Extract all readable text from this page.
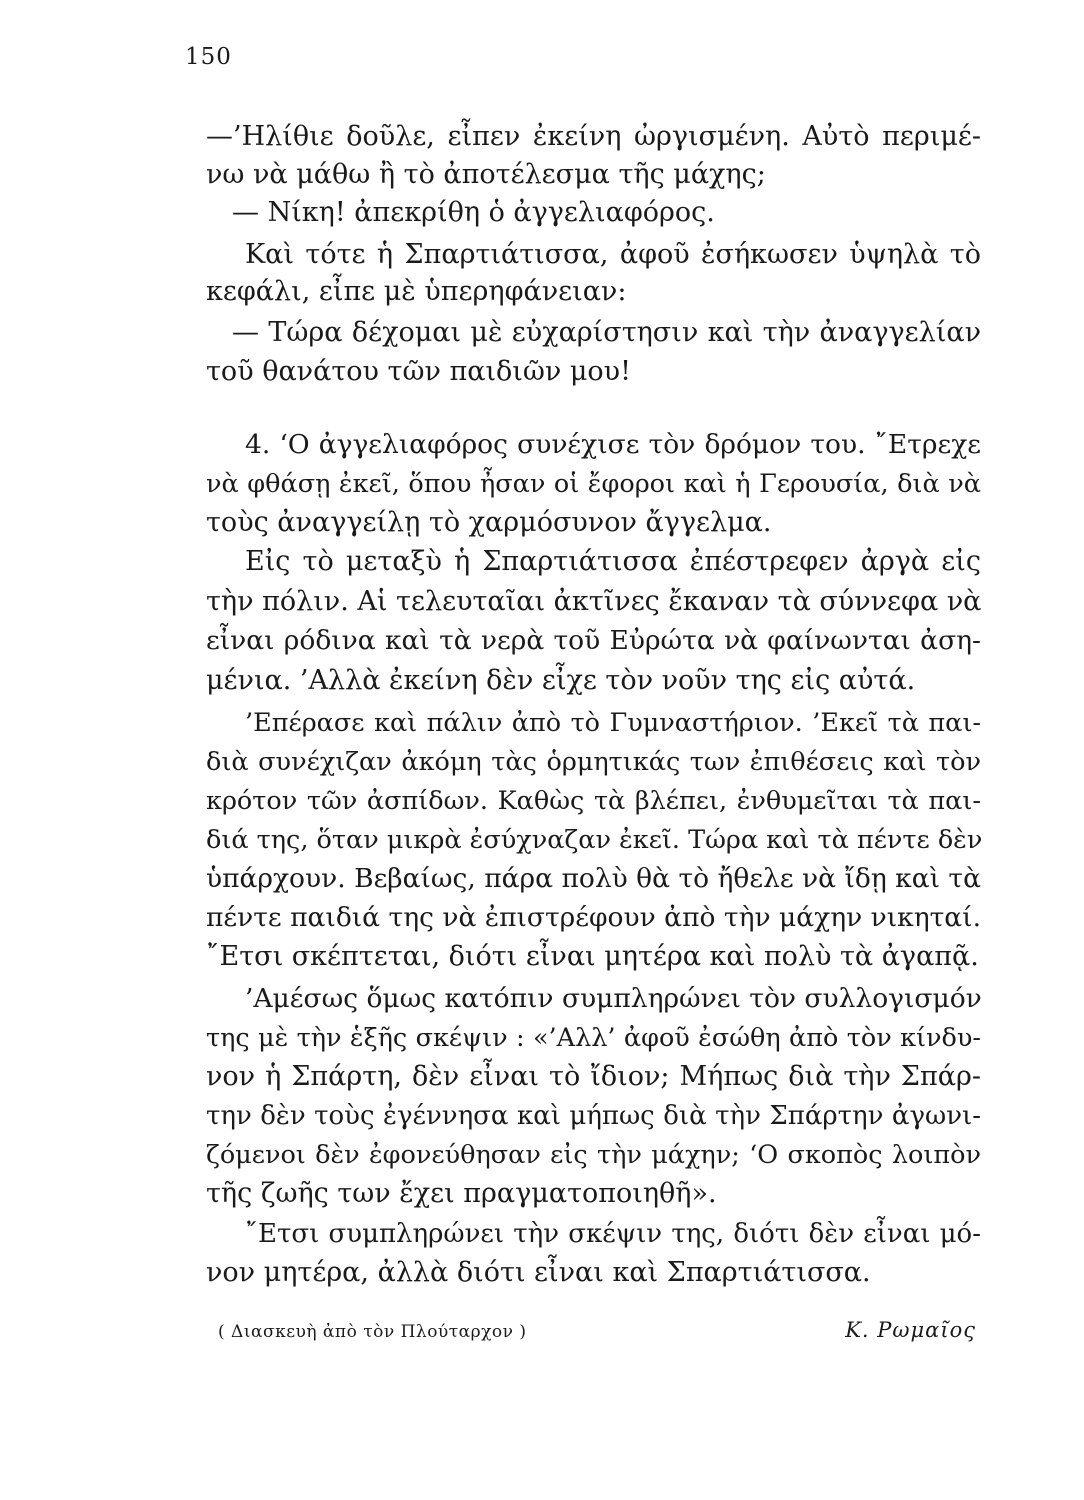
150
—’Ηλίθιε δοῦλε, εἶπεν ἐκείνη ὠργισμένη. Αὐτὸ περιμέ-
νω νὰ μάθω ἢ τὸ ἀποτέλεσμα τῆς μάχης;
— Νίκη! ἀπεκρίθη ὁ ἀγγελιαφόρος.
Καὶ τότε ἡ Σπαρτιάτισσα, ἀφοῦ ἐσήκωσεν ὑψηλὰ τὸ
κεφάλι, εἶπε μὲ ὑπερηφάνειαν:
— Τώρα δέχομαι μὲ εὐχαρίστησιν καὶ τὴν ἀναγγελίαν
τοῦ θανάτου τῶν παιδιῶν μου!
4. ‘Ο ἀγγελιαφόρος συνέχισε τὸν δρόμον του. ῎Ετρεχε
νὰ φθάσῃ ἐκεῖ, ὅπου ἦσαν οἱ ἔφοροι καὶ ἡ Γερουσία, διὰ νὰ
τοὺς ἀναγγείλῃ τὸ χαρμόσυνον ἄγγελμα.
Εἰς τὸ μεταξὺ ἡ Σπαρτιάτισσα ἐπέστρεφεν ἀργὰ εἰς
τὴν πόλιν. Αἱ τελευταῖαι ἀκτῖνες ἔκαναν τὰ σύννεφα νὰ
εἶναι ρόδινα καὶ τὰ νερὰ τοῦ Εὐρώτα νὰ φαίνωνται ἀση-
μένια. ’Αλλὰ ἐκείνη δὲν εἶχε τὸν νοῦν της εἰς αὐτά.
’Επέρασε καὶ πάλιν ἀπὸ τὸ Γυμναστήριον. ’Εκεῖ τὰ παι-
διὰ συνέχιζαν ἀκόμη τὰς ὁρμητικάς των ἐπιθέσεις καὶ τὸν
κρότον τῶν ἀσπίδων. Καθὼς τὰ βλέπει, ἐνθυμεῖται τὰ παι-
διά της, ὅταν μικρὰ ἐσύχναζαν ἐκεῖ. Τώρα καὶ τὰ πέντε δὲν
ὑπάρχουν. Βεβαίως, πάρα πολὺ θὰ τὸ ἤθελε νὰ ἴδῃ καὶ τὰ
πέντε παιδιά της νὰ ἐπιστρέφουν ἀπὸ τὴν μάχην νικηταί.
῎Ετσι σκέπτεται, διότι εἶναι μητέρα καὶ πολὺ τὰ ἀγαπᾷ.
’Αμέσως ὅμως κατόπιν συμπληρώνει τὸν συλλογισμόν
της μὲ τὴν ἑξῆς σκέψιν : «’Αλλ’ ἀφοῦ ἐσώθη ἀπὸ τὸν κίνδυ-
νον ἡ Σπάρτη, δὲν εἶναι τὸ ἴδιον; Μήπως διὰ τὴν Σπάρ-
την δὲν τοὺς ἐγέννησα καὶ μήπως διὰ τὴν Σπάρτην ἀγωνι-
ζόμενοι δὲν ἐφονεύθησαν εἰς τὴν μάχην; ‘Ο σκοπὸς λοιπὸν
τῆς ζωῆς των ἔχει πραγματοποιηθῆ».
῎Ετσι συμπληρώνει τὴν σκέψιν της, διότι δὲν εἶναι μό-
νον μητέρα, ἀλλὰ διότι εἶναι καὶ Σπαρτιάτισσα.
( Διασκευὴ ἀπὸ τὸν Πλούταρχον )	Κ. Ρωμαῖος
